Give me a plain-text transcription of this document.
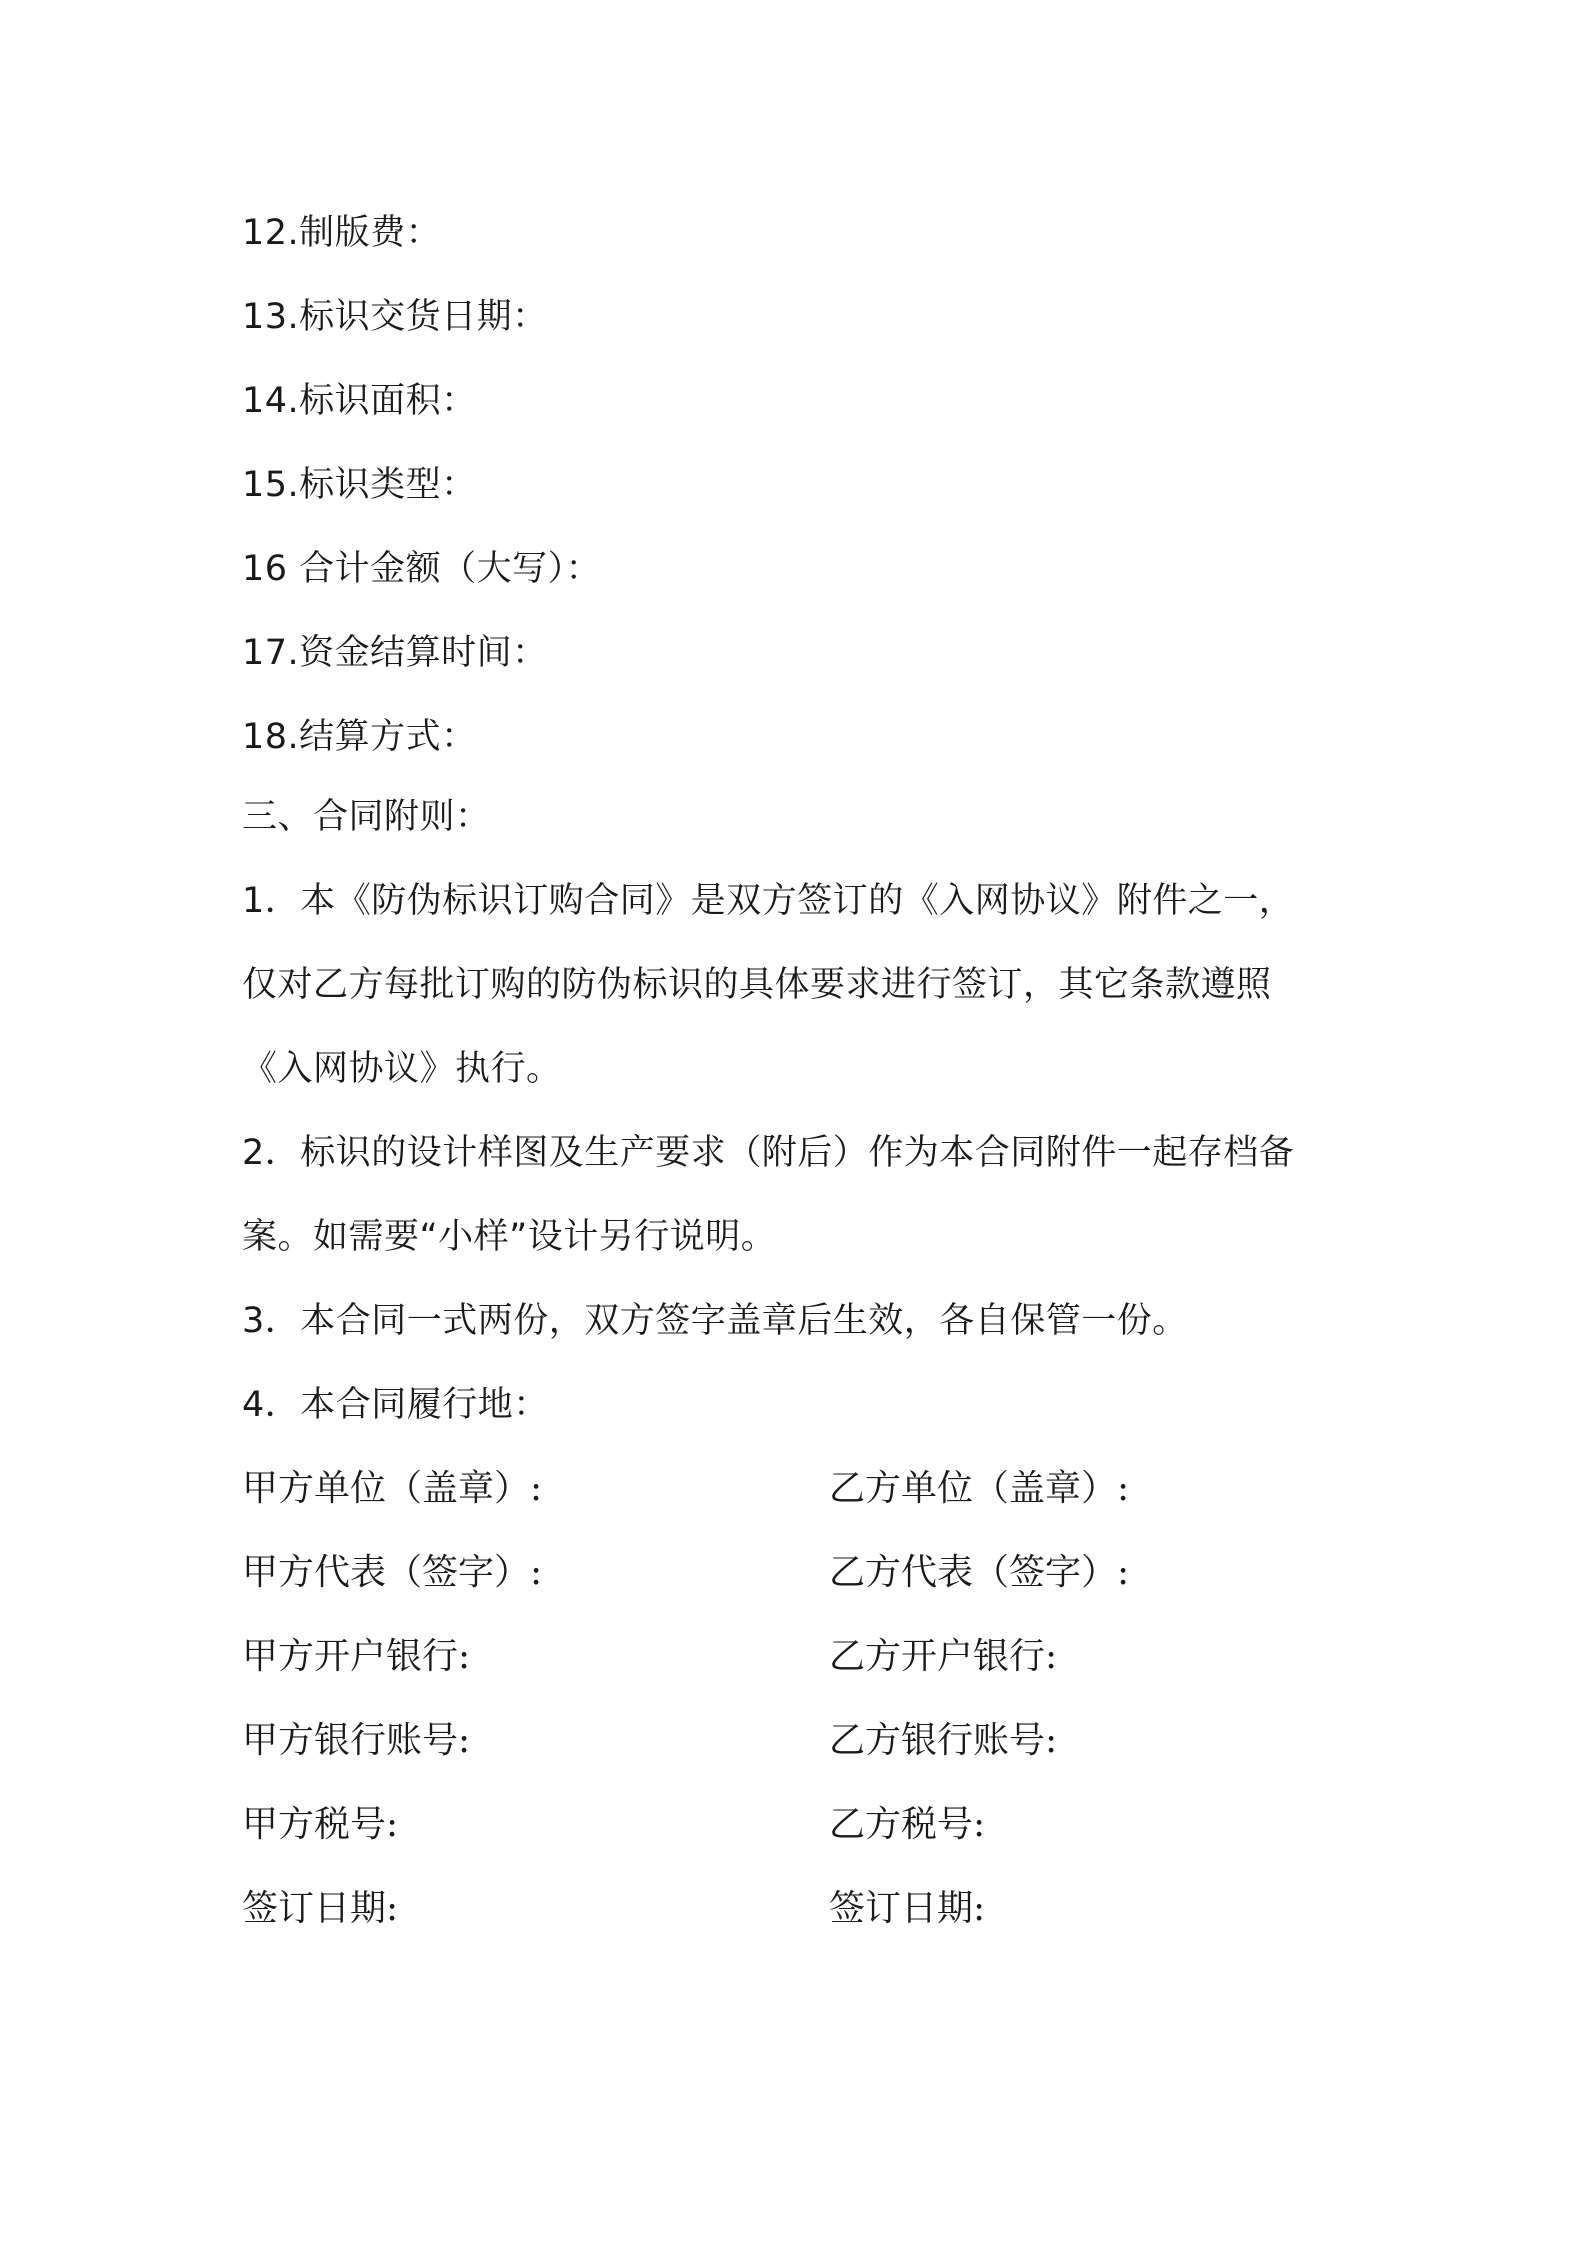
12.制版费：
13.标识交货日期：
14.标识面积：
15.标识类型：
16 合计金额（大写）：
17.资金结算时间：
18.结算方式：
三、合同附则：
1．本《防伪标识订购合同》是双方签订的《入网协议》附件之一，
仅对乙方每批订购的防伪标识的具体要求进行签订，其它条款遵照
《入网协议》执行。
2．标识的设计样图及生产要求（附后）作为本合同附件一起存档备
案。如需要“小样”设计另行说明。
3．本合同一式两份，双方签字盖章后生效，各自保管一份。
4．本合同履行地：
甲方单位（盖章）:
甲方代表（签字）:
甲方开户银行:
甲方银行账号:
甲方税号:
签订日期:
乙方单位（盖章）:
乙方代表（签字）:
乙方开户银行:
乙方银行账号:
乙方税号:
签订日期:
